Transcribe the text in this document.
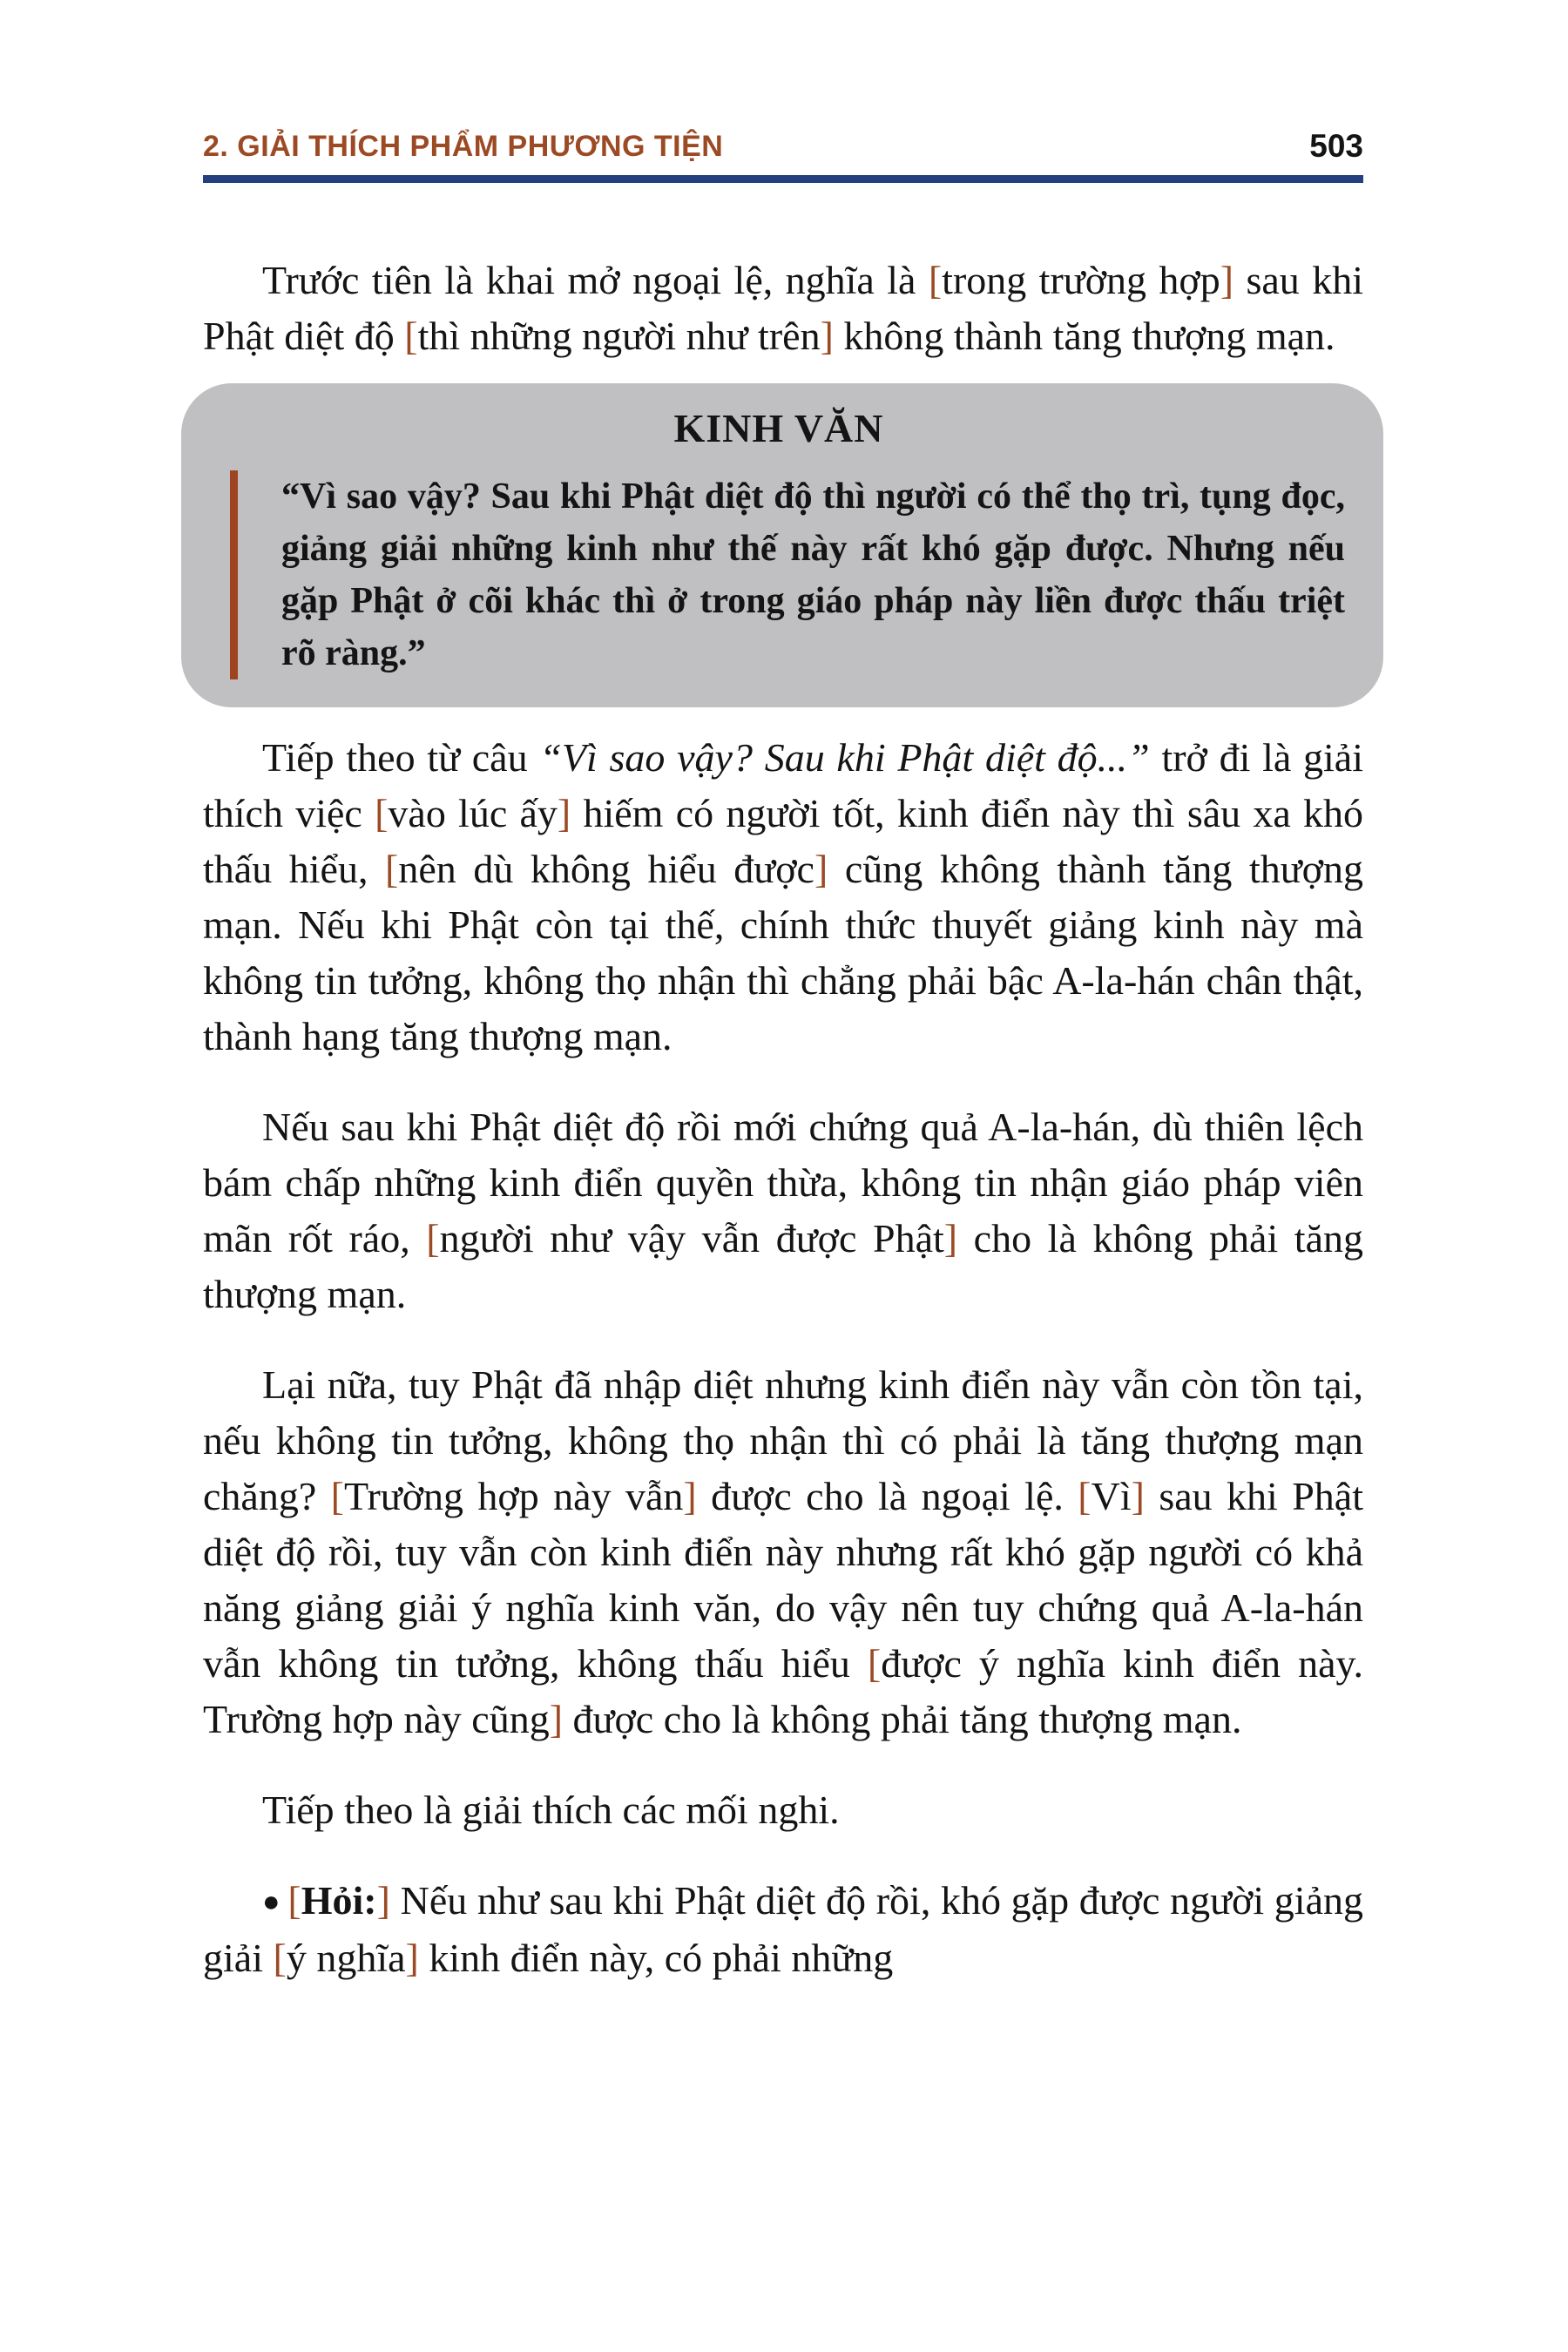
2. GIẢI THÍCH PHẨM PHƯƠNG TIỆN	503

Trước tiên là khai mở ngoại lệ, nghĩa là [trong trường hợp] sau khi Phật diệt độ [thì những người như trên] không thành tăng thượng mạn.

KINH VĂN
“Vì sao vậy? Sau khi Phật diệt độ thì người có thể thọ trì, tụng đọc, giảng giải những kinh như thế này rất khó gặp được. Nhưng nếu gặp Phật ở cõi khác thì ở trong giáo pháp này liền được thấu triệt rõ ràng.”

Tiếp theo từ câu “Vì sao vậy? Sau khi Phật diệt độ...” trở đi là giải thích việc [vào lúc ấy] hiếm có người tốt, kinh điển này thì sâu xa khó thấu hiểu, [nên dù không hiểu được] cũng không thành tăng thượng mạn. Nếu khi Phật còn tại thế, chính thức thuyết giảng kinh này mà không tin tưởng, không thọ nhận thì chẳng phải bậc A-la-hán chân thật, thành hạng tăng thượng mạn.

Nếu sau khi Phật diệt độ rồi mới chứng quả A-la-hán, dù thiên lệch bám chấp những kinh điển quyền thừa, không tin nhận giáo pháp viên mãn rốt ráo, [người như vậy vẫn được Phật] cho là không phải tăng thượng mạn.

Lại nữa, tuy Phật đã nhập diệt nhưng kinh điển này vẫn còn tồn tại, nếu không tin tưởng, không thọ nhận thì có phải là tăng thượng mạn chăng? [Trường hợp này vẫn] được cho là ngoại lệ. [Vì] sau khi Phật diệt độ rồi, tuy vẫn còn kinh điển này nhưng rất khó gặp người có khả năng giảng giải ý nghĩa kinh văn, do vậy nên tuy chứng quả A-la-hán vẫn không tin tưởng, không thấu hiểu [được ý nghĩa kinh điển này. Trường hợp này cũng] được cho là không phải tăng thượng mạn.

Tiếp theo là giải thích các mối nghi.

● [Hỏi:] Nếu như sau khi Phật diệt độ rồi, khó gặp được người giảng giải [ý nghĩa] kinh điển này, có phải những
